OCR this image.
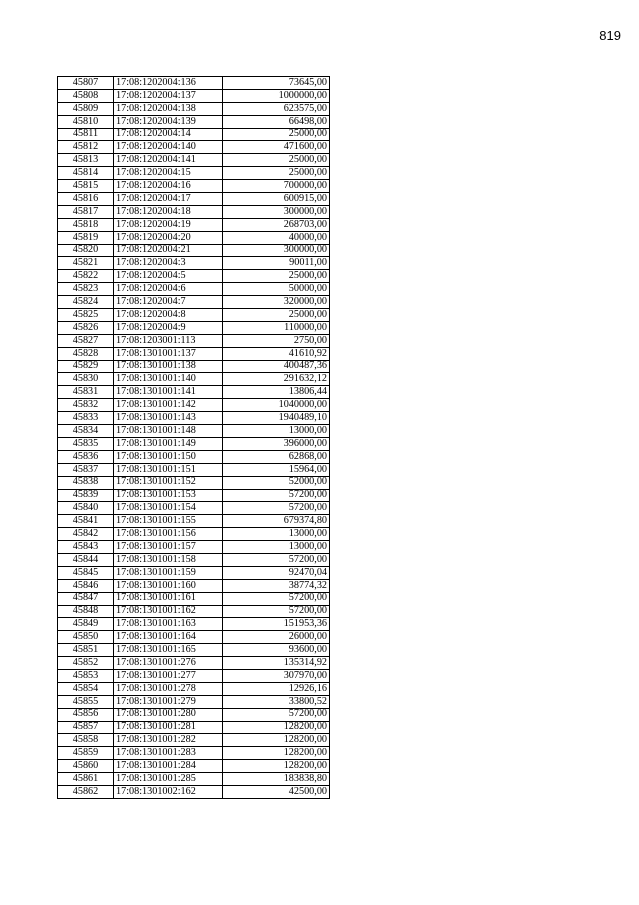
819
45807	17:08:1202004:136	73645,00
45808	17:08:1202004:137	1000000,00
45809	17:08:1202004:138	623575,00
45810	17:08:1202004:139	66498,00
45811	17:08:1202004:14	25000,00
45812	17:08:1202004:140	471600,00
45813	17:08:1202004:141	25000,00
45814	17:08:1202004:15	25000,00
45815	17:08:1202004:16	700000,00
45816	17:08:1202004:17	600915,00
45817	17:08:1202004:18	300000,00
45818	17:08:1202004:19	268703,00
45819	17:08:1202004:20	40000,00
45820	17:08:1202004:21	300000,00
45821	17:08:1202004:3	90011,00
45822	17:08:1202004:5	25000,00
45823	17:08:1202004:6	50000,00
45824	17:08:1202004:7	320000,00
45825	17:08:1202004:8	25000,00
45826	17:08:1202004:9	110000,00
45827	17:08:1203001:113	2750,00
45828	17:08:1301001:137	41610,92
45829	17:08:1301001:138	400487,36
45830	17:08:1301001:140	291632,12
45831	17:08:1301001:141	13806,44
45832	17:08:1301001:142	1040000,00
45833	17:08:1301001:143	1940489,10
45834	17:08:1301001:148	13000,00
45835	17:08:1301001:149	396000,00
45836	17:08:1301001:150	62868,00
45837	17:08:1301001:151	15964,00
45838	17:08:1301001:152	52000,00
45839	17:08:1301001:153	57200,00
45840	17:08:1301001:154	57200,00
45841	17:08:1301001:155	679374,80
45842	17:08:1301001:156	13000,00
45843	17:08:1301001:157	13000,00
45844	17:08:1301001:158	57200,00
45845	17:08:1301001:159	92470,04
45846	17:08:1301001:160	38774,32
45847	17:08:1301001:161	57200,00
45848	17:08:1301001:162	57200,00
45849	17:08:1301001:163	151953,36
45850	17:08:1301001:164	26000,00
45851	17:08:1301001:165	93600,00
45852	17:08:1301001:276	135314,92
45853	17:08:1301001:277	307970,00
45854	17:08:1301001:278	12926,16
45855	17:08:1301001:279	33800,52
45856	17:08:1301001:280	57200,00
45857	17:08:1301001:281	128200,00
45858	17:08:1301001:282	128200,00
45859	17:08:1301001:283	128200,00
45860	17:08:1301001:284	128200,00
45861	17:08:1301001:285	183838,80
45862	17:08:1301002:162	42500,00
